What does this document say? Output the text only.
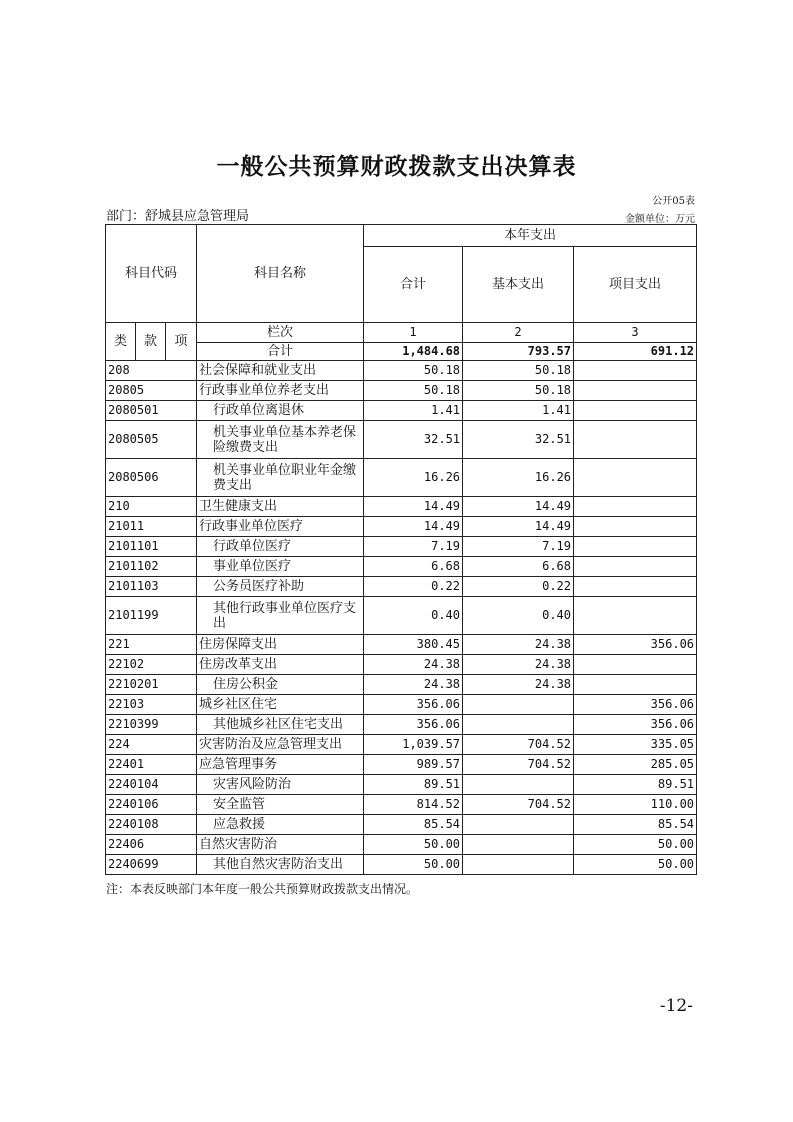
一般公共预算财政拨款支出决算表
公开05表
部门：舒城县应急管理局	金额单位：万元
科目代码			科目名称	本年支出		
				合计	基本支出	项目支出
类	款	项	栏次	1	2	3
			合计	1,484.68	793.57	691.12
208			社会保障和就业支出	50.18	50.18	
20805			行政事业单位养老支出	50.18	50.18	
2080501			行政单位离退休	1.41	1.41	
2080505			机关事业单位基本养老保险缴费支出	32.51	32.51	
2080506			机关事业单位职业年金缴费支出	16.26	16.26	
210			卫生健康支出	14.49	14.49	
21011			行政事业单位医疗	14.49	14.49	
2101101			行政单位医疗	7.19	7.19	
2101102			事业单位医疗	6.68	6.68	
2101103			公务员医疗补助	0.22	0.22	
2101199			其他行政事业单位医疗支出	0.40	0.40	
221			住房保障支出	380.45	24.38	356.06
22102			住房改革支出	24.38	24.38	
2210201			住房公积金	24.38	24.38	
22103			城乡社区住宅	356.06		356.06
2210399			其他城乡社区住宅支出	356.06		356.06
224			灾害防治及应急管理支出	1,039.57	704.52	335.05
22401			应急管理事务	989.57	704.52	285.05
2240104			灾害风险防治	89.51		89.51
2240106			安全监管	814.52	704.52	110.00
2240108			应急救援	85.54		85.54
22406			自然灾害防治	50.00		50.00
2240699			其他自然灾害防治支出	50.00		50.00
注：本表反映部门本年度一般公共预算财政拨款支出情况。
-12-
